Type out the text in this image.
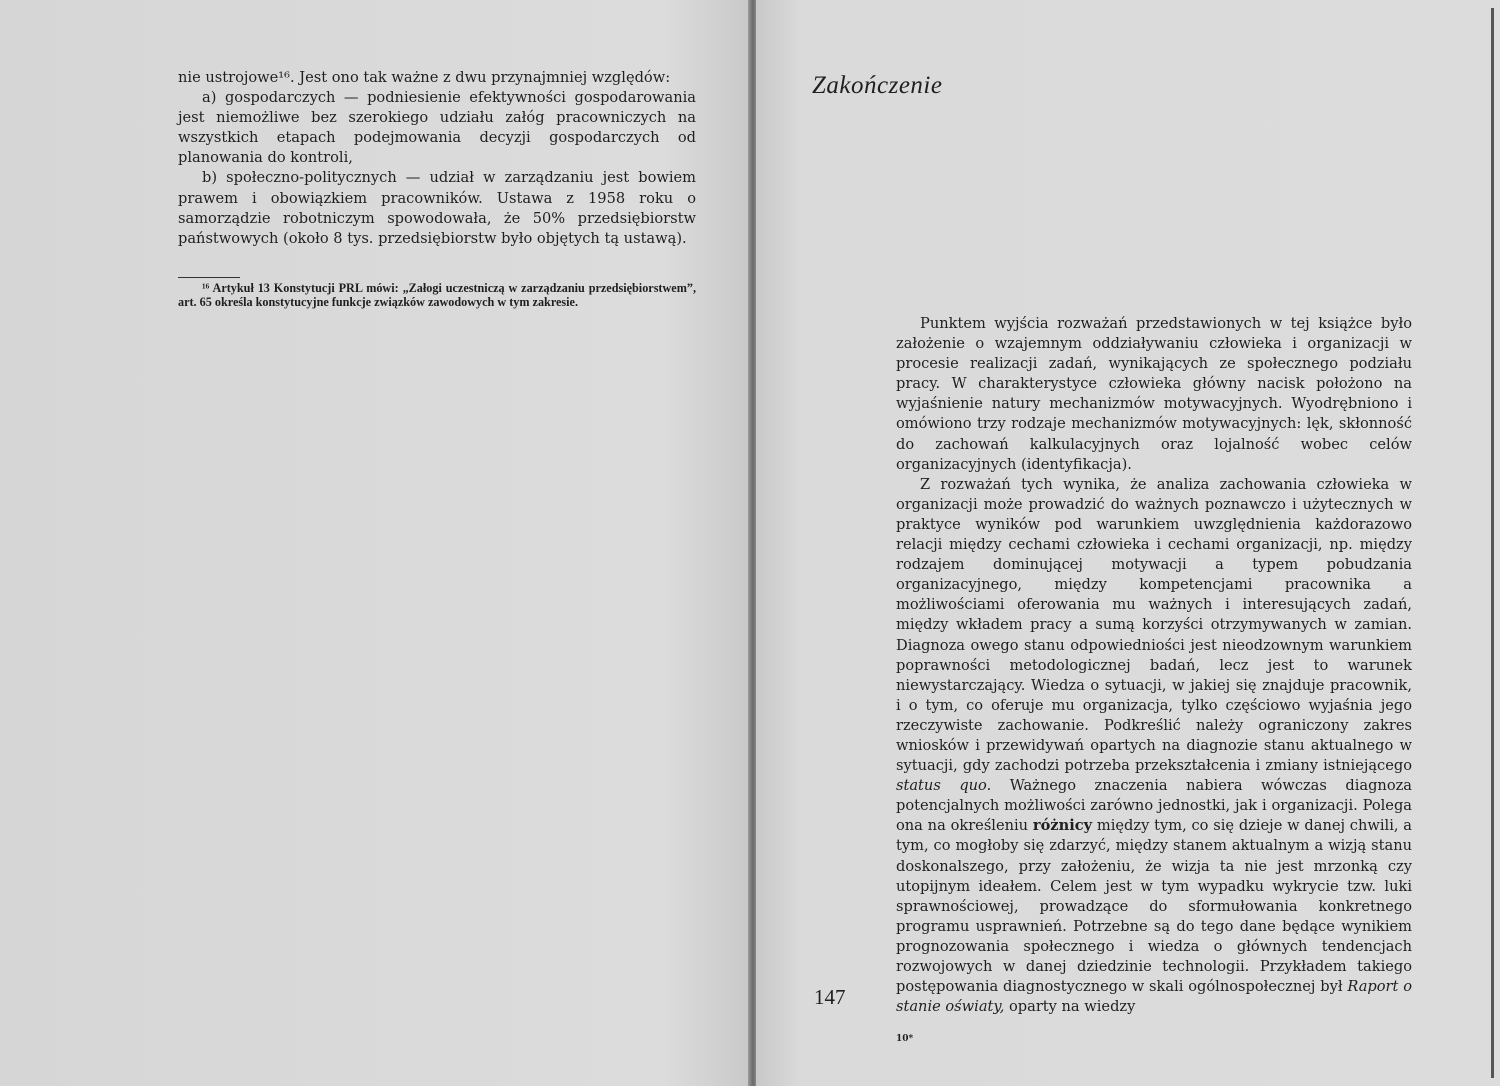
nie ustrojowe¹⁶. Jest ono tak ważne z dwu przynajmniej względów:

a) gospodarczych — podniesienie efektywności gospodarowania jest niemożliwe bez szerokiego udziału załóg pracowniczych na wszystkich etapach podejmowania decyzji gospodarczych od planowania do kontroli,

b) społeczno-politycznych — udział w zarządzaniu jest bowiem prawem i obowiązkiem pracowników. Ustawa z 1958 roku o samorządzie robotniczym spowodowała, że 50% przedsiębiorstw państwowych (około 8 tys. przedsiębiorstw było objętych tą ustawą).

¹⁶ Artykuł 13 Konstytucji PRL mówi: „Załogi uczestniczą w zarządzaniu przedsiębiorstwem”, art. 65 określa konstytucyjne funkcje związków zawodowych w tym zakresie.

Zakończenie

Punktem wyjścia rozważań przedstawionych w tej książce było założenie o wzajemnym oddziaływaniu człowieka i organizacji w procesie realizacji zadań, wynikających ze społecznego podziału pracy. W charakterystyce człowieka główny nacisk położono na wyjaśnienie natury mechanizmów motywacyjnych. Wyodrębniono i omówiono trzy rodzaje mechanizmów motywacyjnych: lęk, skłonność do zachowań kalkulacyjnych oraz lojalność wobec celów organizacyjnych (identyfikacja).

Z rozważań tych wynika, że analiza zachowania człowieka w organizacji może prowadzić do ważnych poznawczo i użytecznych w praktyce wyników pod warunkiem uwzględnienia każdorazowo relacji między cechami człowieka i cechami organizacji, np. między rodzajem dominującej motywacji a typem pobudzania organizacyjnego, między kompetencjami pracownika a możliwościami oferowania mu ważnych i interesujących zadań, między wkładem pracy a sumą korzyści otrzymywanych w zamian. Diagnoza owego stanu odpowiedniości jest nieodzownym warunkiem poprawności metodologicznej badań, lecz jest to warunek niewystarczający. Wiedza o sytuacji, w jakiej się znajduje pracownik, i o tym, co oferuje mu organizacja, tylko częściowo wyjaśnia jego rzeczywiste zachowanie. Podkreślić należy ograniczony zakres wniosków i przewidywań opartych na diagnozie stanu aktualnego w sytuacji, gdy zachodzi potrzeba przekształcenia i zmiany istniejącego status quo. Ważnego znaczenia nabiera wówczas diagnoza potencjalnych możliwości zarówno jednostki, jak i organizacji. Polega ona na określeniu różnicy między tym, co się dzieje w danej chwili, a tym, co mogłoby się zdarzyć, między stanem aktualnym a wizją stanu doskonalszego, przy założeniu, że wizja ta nie jest mrzonką czy utopijnym ideałem. Celem jest w tym wypadku wykrycie tzw. luki sprawnościowej, prowadzące do sformułowania konkretnego programu usprawnień. Potrzebne są do tego dane będące wynikiem prognozowania społecznego i wiedza o głównych tendencjach rozwojowych w danej dziedzinie technologii. Przykładem takiego postępowania diagnostycznego w skali ogólnospołecznej był Raport o stanie oświaty, oparty na wiedzy

147
10*
